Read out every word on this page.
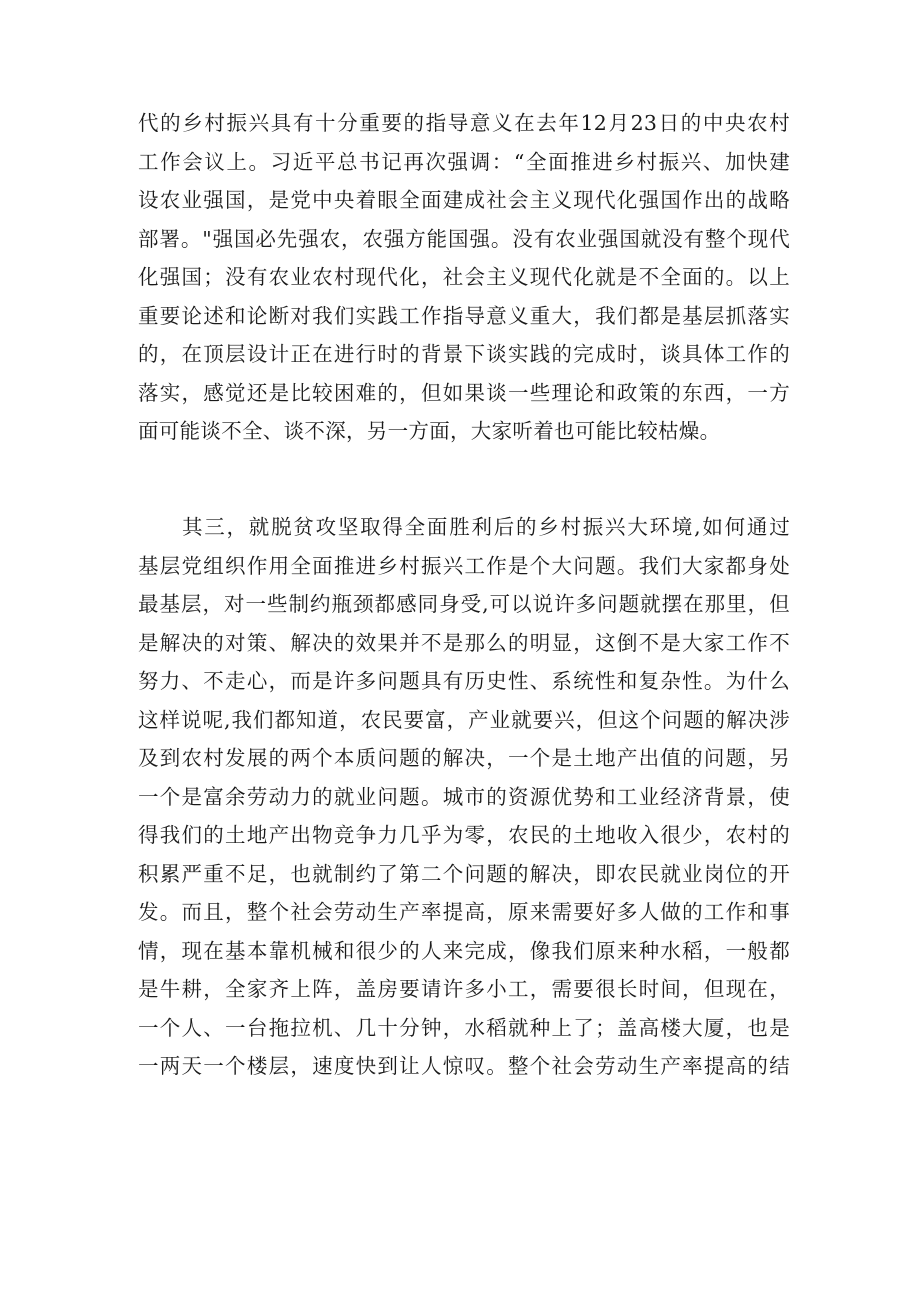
代的乡村振兴具有十分重要的指导意义在去年12月23日的中央农村
工作会议上。习近平总书记再次强调：“全面推进乡村振兴、加快建
设农业强国，是党中央着眼全面建成社会主义现代化强国作出的战略
部署。"强国必先强农，农强方能国强。没有农业强国就没有整个现代
化强国；没有农业农村现代化，社会主义现代化就是不全面的。以上
重要论述和论断对我们实践工作指导意义重大，我们都是基层抓落实
的，在顶层设计正在进行时的背景下谈实践的完成时，谈具体工作的
落实，感觉还是比较困难的，但如果谈一些理论和政策的东西，一方
面可能谈不全、谈不深，另一方面，大家听着也可能比较枯燥。
其三，就脱贫攻坚取得全面胜利后的乡村振兴大环境,如何通过
基层党组织作用全面推进乡村振兴工作是个大问题。我们大家都身处
最基层，对一些制约瓶颈都感同身受,可以说许多问题就摆在那里，但
是解决的对策、解决的效果并不是那么的明显，这倒不是大家工作不
努力、不走心，而是许多问题具有历史性、系统性和复杂性。为什么
这样说呢,我们都知道，农民要富，产业就要兴，但这个问题的解决涉
及到农村发展的两个本质问题的解决，一个是土地产出值的问题，另
一个是富余劳动力的就业问题。城市的资源优势和工业经济背景，使
得我们的土地产出物竞争力几乎为零，农民的土地收入很少，农村的
积累严重不足，也就制约了第二个问题的解决，即农民就业岗位的开
发。而且，整个社会劳动生产率提高，原来需要好多人做的工作和事
情，现在基本靠机械和很少的人来完成，像我们原来种水稻，一般都
是牛耕，全家齐上阵，盖房要请许多小工，需要很长时间，但现在，
一个人、一台拖拉机、几十分钟，水稻就种上了；盖高楼大厦，也是
一两天一个楼层，速度快到让人惊叹。整个社会劳动生产率提高的结
